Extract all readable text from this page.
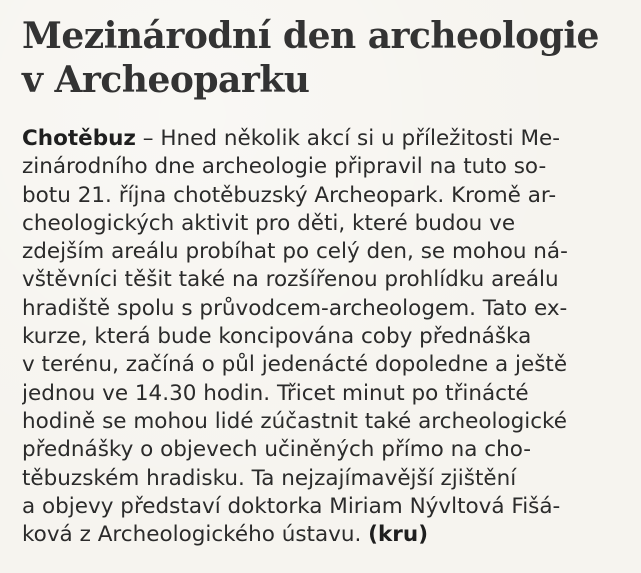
Mezinárodní den archeologie
v Archeoparku
Chotěbuz – Hned několik akcí si u příležitosti Me-
zinárodního dne archeologie připravil na tuto so-
botu 21. října chotěbuzský Archeopark. Kromě ar-
cheologických aktivit pro děti, které budou ve
zdejším areálu probíhat po celý den, se mohou ná-
vštěvníci těšit také na rozšířenou prohlídku areálu
hradiště spolu s průvodcem-archeologem. Tato ex-
kurze, která bude koncipována coby přednáška
v terénu, začíná o půl jedenácté dopoledne a ještě
jednou ve 14.30 hodin. Třicet minut po třinácté
hodině se mohou lidé zúčastnit také archeologické
přednášky o objevech učiněných přímo na cho-
těbuzském hradisku. Ta nejzajímavější zjištění
a objevy představí doktorka Miriam Nývltová Fišá-
ková z Archeologického ústavu. (kru)
